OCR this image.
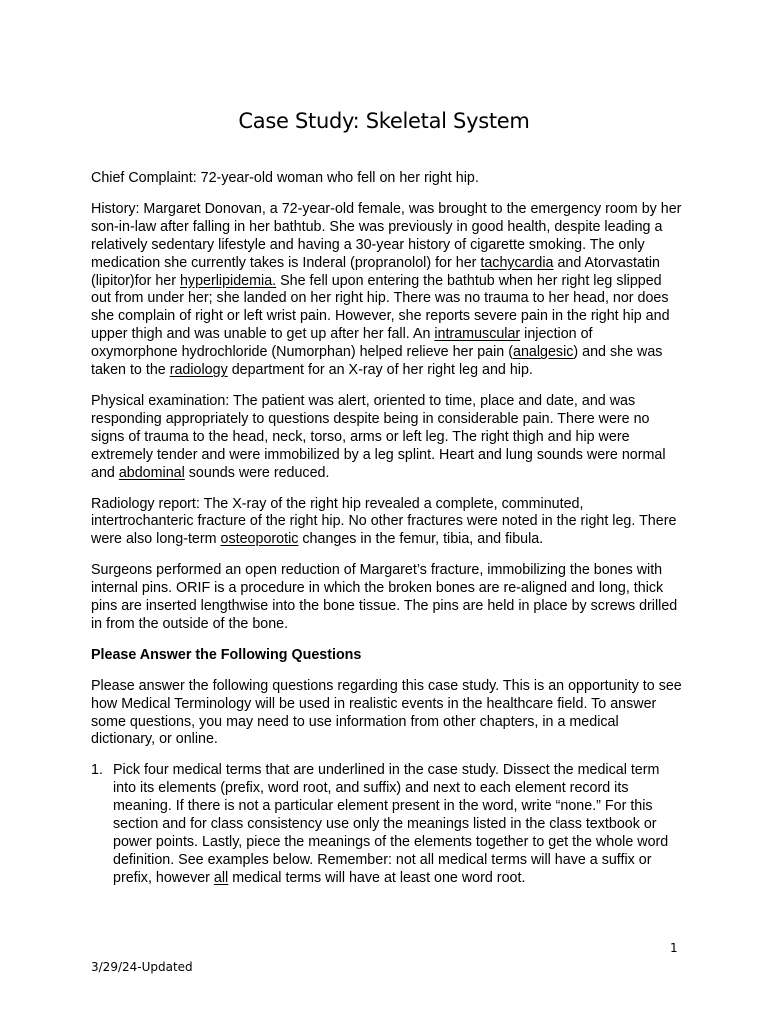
Case Study: Skeletal System

Chief Complaint: 72-year-old woman who fell on her right hip.

History: Margaret Donovan, a 72-year-old female, was brought to the emergency room by her son-in-law after falling in her bathtub. She was previously in good health, despite leading a relatively sedentary lifestyle and having a 30-year history of cigarette smoking. The only medication she currently takes is Inderal (propranolol) for her tachycardia and Atorvastatin (lipitor)for her hyperlipidemia. She fell upon entering the bathtub when her right leg slipped out from under her; she landed on her right hip. There was no trauma to her head, nor does she complain of right or left wrist pain. However, she reports severe pain in the right hip and upper thigh and was unable to get up after her fall. An intramuscular injection of oxymorphone hydrochloride (Numorphan) helped relieve her pain (analgesic) and she was taken to the radiology department for an X-ray of her right leg and hip.

Physical examination: The patient was alert, oriented to time, place and date, and was responding appropriately to questions despite being in considerable pain. There were no signs of trauma to the head, neck, torso, arms or left leg. The right thigh and hip were extremely tender and were immobilized by a leg splint. Heart and lung sounds were normal and abdominal sounds were reduced.

Radiology report: The X-ray of the right hip revealed a complete, comminuted, intertrochanteric fracture of the right hip. No other fractures were noted in the right leg. There were also long-term osteoporotic changes in the femur, tibia, and fibula.

Surgeons performed an open reduction of Margaret’s fracture, immobilizing the bones with internal pins. ORIF is a procedure in which the broken bones are re-aligned and long, thick pins are inserted lengthwise into the bone tissue. The pins are held in place by screws drilled in from the outside of the bone.

Please Answer the Following Questions

Please answer the following questions regarding this case study. This is an opportunity to see how Medical Terminology will be used in realistic events in the healthcare field. To answer some questions, you may need to use information from other chapters, in a medical dictionary, or online.

1. Pick four medical terms that are underlined in the case study. Dissect the medical term into its elements (prefix, word root, and suffix) and next to each element record its meaning. If there is not a particular element present in the word, write “none.” For this section and for class consistency use only the meanings listed in the class textbook or power points. Lastly, piece the meanings of the elements together to get the whole word definition. See examples below. Remember: not all medical terms will have a suffix or prefix, however all medical terms will have at least one word root.
1
3/29/24-Updated
